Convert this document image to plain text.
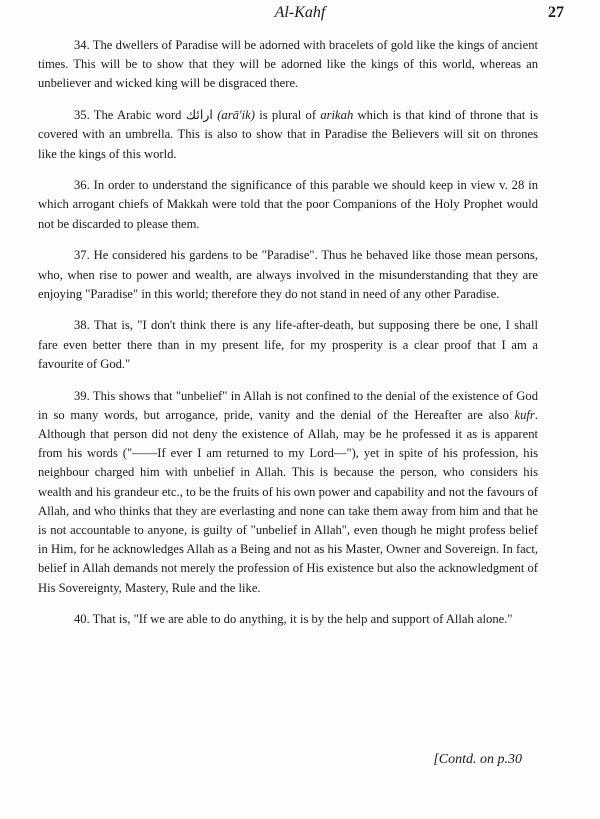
Al-Kahf	27

34. The dwellers of Paradise will be adorned with bracelets of gold like the kings of ancient times. This will be to show that they will be adorned like the kings of this world, whereas an unbeliever and wicked king will be disgraced there.

35. The Arabic word ارائك (arā'ik) is plural of arikah which is that kind of throne that is covered with an umbrella. This is also to show that in Paradise the Believers will sit on thrones like the kings of this world.

36. In order to understand the significance of this parable we should keep in view v. 28 in which arrogant chiefs of Makkah were told that the poor Companions of the Holy Prophet would not be discarded to please them.

37. He considered his gardens to be "Paradise". Thus he behaved like those mean persons, who, when rise to power and wealth, are always involved in the misunderstanding that they are enjoying "Paradise" in this world; therefore they do not stand in need of any other Paradise.

38. That is, "I don't think there is any life-after-death, but supposing there be one, I shall fare even better there than in my present life, for my prosperity is a clear proof that I am a favourite of God."

39. This shows that "unbelief" in Allah is not confined to the denial of the existence of God in so many words, but arrogance, pride, vanity and the denial of the Hereafter are also kufr. Although that person did not deny the existence of Allah, may be he professed it as is apparent from his words ("——If ever I am returned to my Lord—"), yet in spite of his profession, his neighbour charged him with unbelief in Allah. This is because the person, who considers his wealth and his grandeur etc., to be the fruits of his own power and capability and not the favours of Allah, and who thinks that they are everlasting and none can take them away from him and that he is not accountable to anyone, is guilty of "unbelief in Allah", even though he might profess belief in Him, for he acknowledges Allah as a Being and not as his Master, Owner and Sovereign. In fact, belief in Allah demands not merely the profession of His existence but also the acknowledgment of His Sovereignty, Mastery, Rule and the like.

40. That is, "If we are able to do anything, it is by the help and support of Allah alone."

[Contd. on p.30
